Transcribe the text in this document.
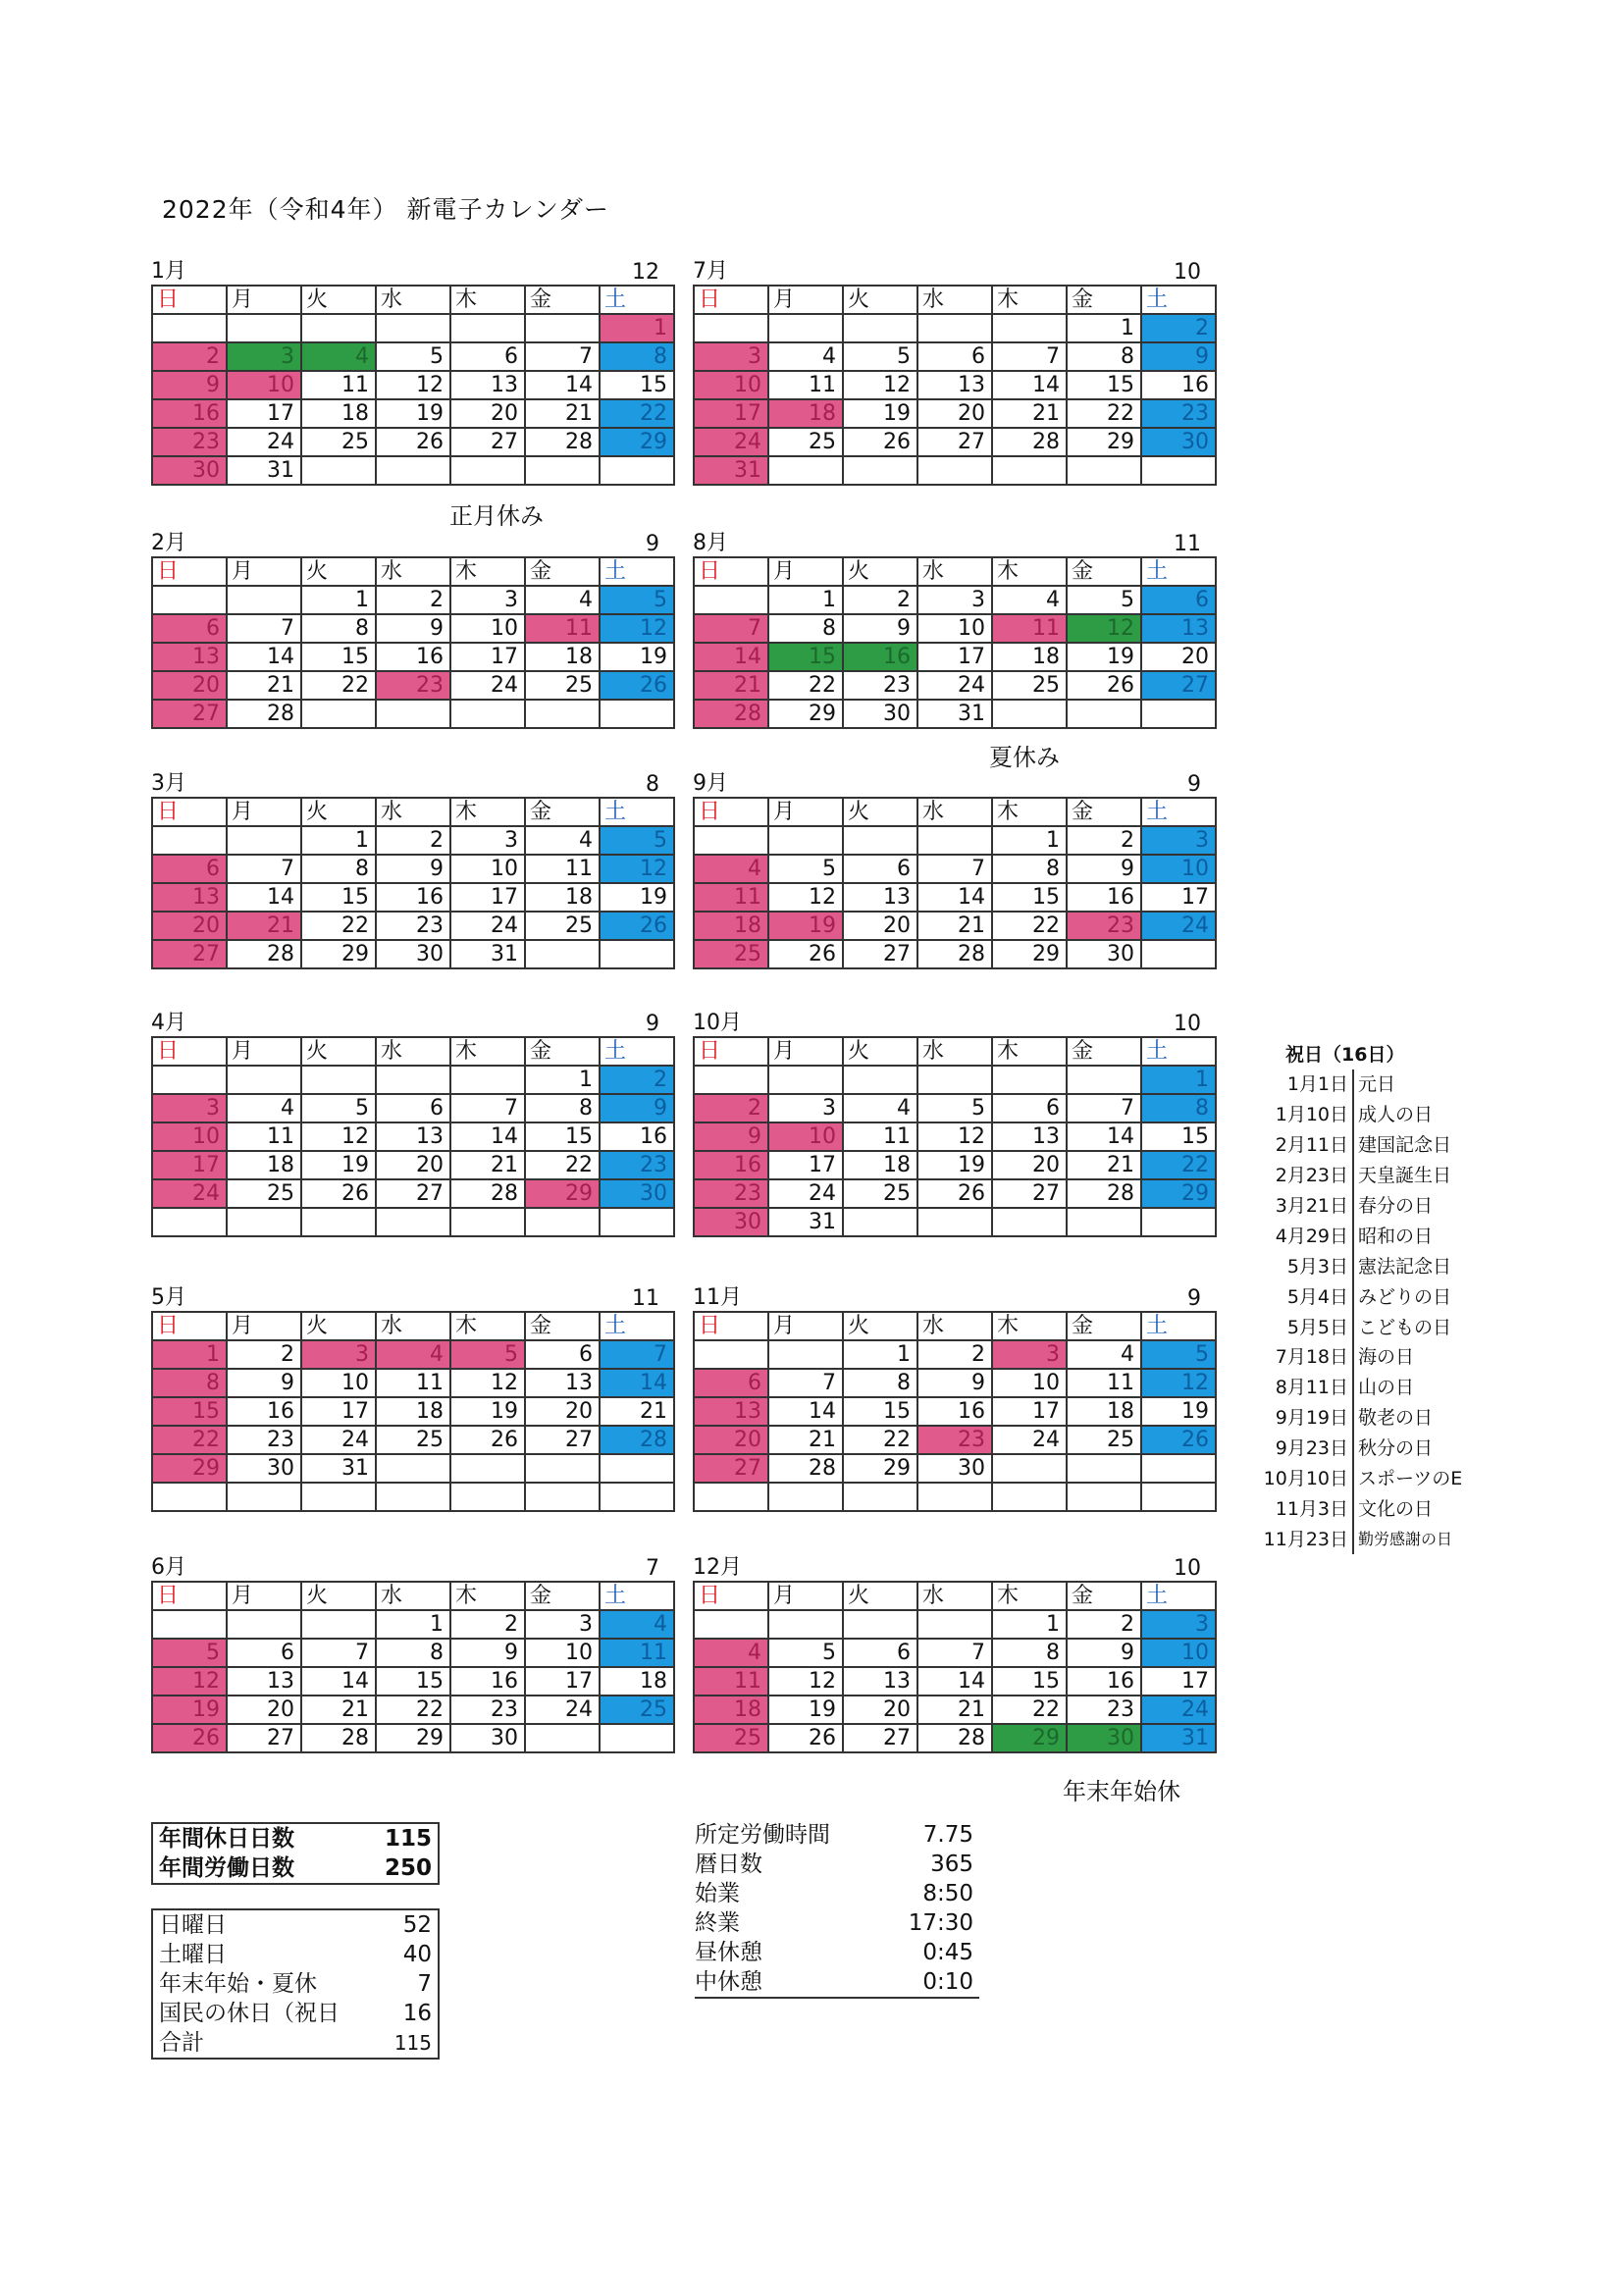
2022年（令和4年） 新電子カレンダー
1月	12
日	月	火	水	木	金	土
						1
2	3	4	5	6	7	8
9	10	11	12	13	14	15
16	17	18	19	20	21	22
23	24	25	26	27	28	29
30	31					
7月	10
日	月	火	水	木	金	土
					1	2
3	4	5	6	7	8	9
10	11	12	13	14	15	16
17	18	19	20	21	22	23
24	25	26	27	28	29	30
31						
2月	9
日	月	火	水	木	金	土
		1	2	3	4	5
6	7	8	9	10	11	12
13	14	15	16	17	18	19
20	21	22	23	24	25	26
27	28					
8月	11
日	月	火	水	木	金	土
	1	2	3	4	5	6
7	8	9	10	11	12	13
14	15	16	17	18	19	20
21	22	23	24	25	26	27
28	29	30	31			
3月	8
日	月	火	水	木	金	土
		1	2	3	4	5
6	7	8	9	10	11	12
13	14	15	16	17	18	19
20	21	22	23	24	25	26
27	28	29	30	31		
9月	9
日	月	火	水	木	金	土
				1	2	3
4	5	6	7	8	9	10
11	12	13	14	15	16	17
18	19	20	21	22	23	24
25	26	27	28	29	30	
4月	9
日	月	火	水	木	金	土
					1	2
3	4	5	6	7	8	9
10	11	12	13	14	15	16
17	18	19	20	21	22	23
24	25	26	27	28	29	30

10月	10
日	月	火	水	木	金	土
						1
2	3	4	5	6	7	8
9	10	11	12	13	14	15
16	17	18	19	20	21	22
23	24	25	26	27	28	29
30	31					
5月	11
日	月	火	水	木	金	土
1	2	3	4	5	6	7
8	9	10	11	12	13	14
15	16	17	18	19	20	21
22	23	24	25	26	27	28
29	30	31				

11月	9
日	月	火	水	木	金	土
		1	2	3	4	5
6	7	8	9	10	11	12
13	14	15	16	17	18	19
20	21	22	23	24	25	26
27	28	29	30			

6月	7
日	月	火	水	木	金	土
			1	2	3	4
5	6	7	8	9	10	11
12	13	14	15	16	17	18
19	20	21	22	23	24	25
26	27	28	29	30		
12月	10
日	月	火	水	木	金	土
				1	2	3
4	5	6	7	8	9	10
11	12	13	14	15	16	17
18	19	20	21	22	23	24
25	26	27	28	29	30	31
正月休み
夏休み
年末年始休
祝日（16日）
1月1日	元日
1月10日	成人の日
2月11日	建国記念日
2月23日	天皇誕生日
3月21日	春分の日
4月29日	昭和の日
5月3日	憲法記念日
5月4日	みどりの日
5月5日	こどもの日
7月18日	海の日
8月11日	山の日
9月19日	敬老の日
9月23日	秋分の日
10月10日	スポーツのE
11月3日	文化の日
11月23日	勤労感謝の日
年間休日日数	115
年間労働日数	250
日曜日	52
土曜日	40
年末年始・夏休	7
国民の休日（祝日	16
合計	115
所定労働時間	7.75
暦日数	365
始業	8:50
終業	17:30
昼休憩	0:45
中休憩	0:10
